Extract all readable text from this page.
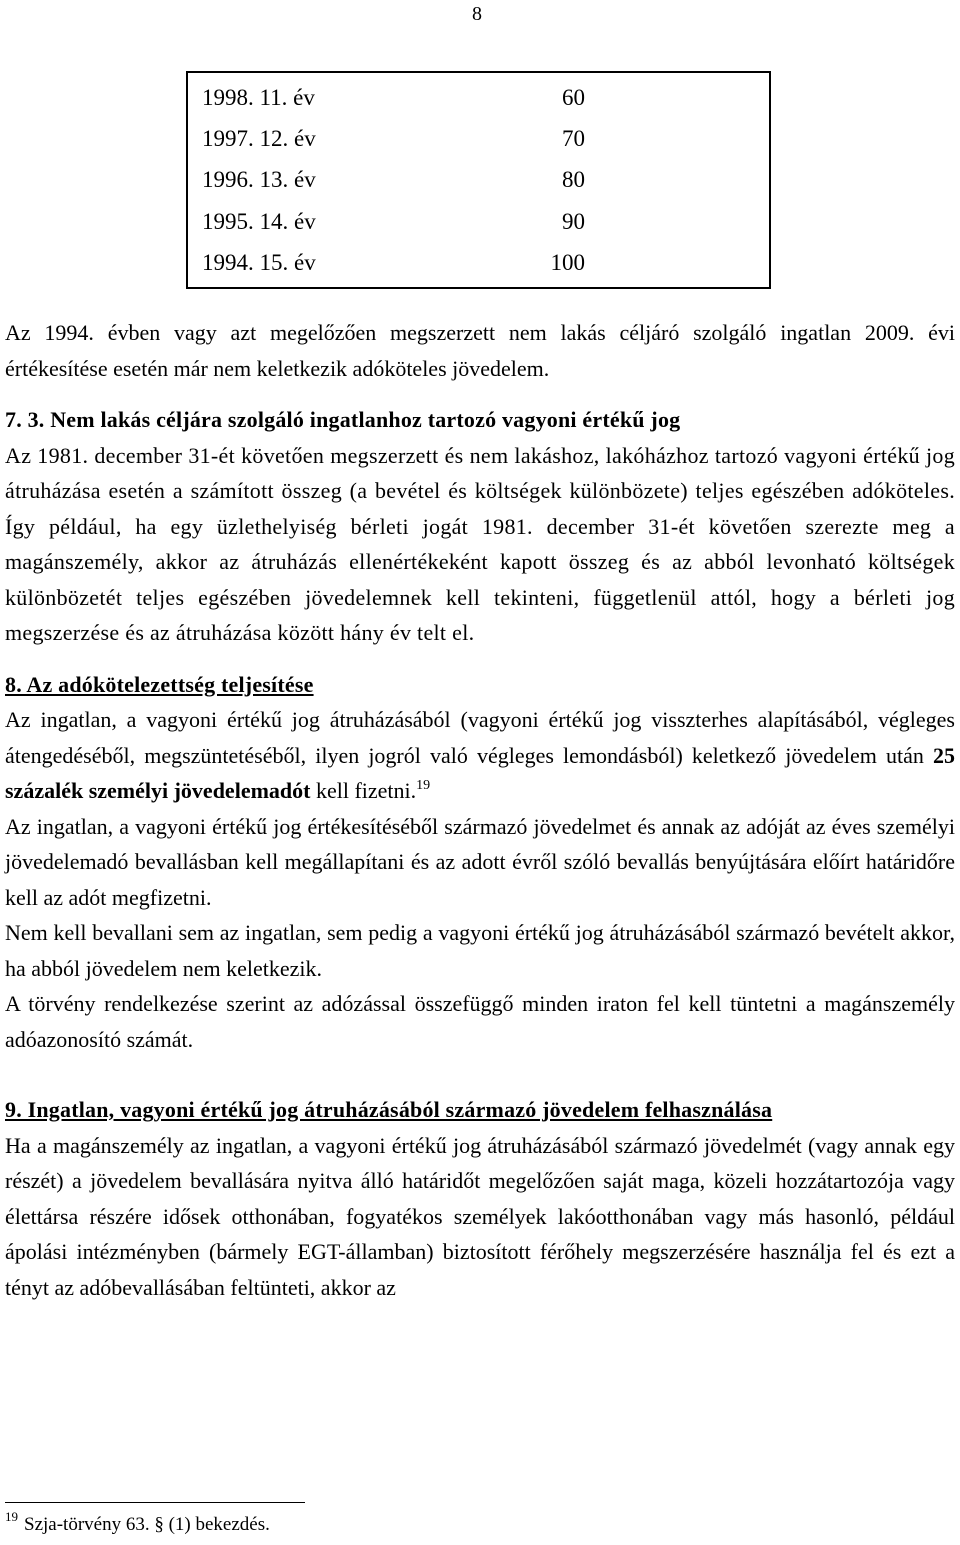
8
1998. 11. év	60
1997. 12. év	70
1996. 13. év	80
1995. 14. év	90
1994. 15. év	100

Az 1994. évben vagy azt megelőzően megszerzett nem lakás céljáró szolgáló ingatlan 2009. évi értékesítése esetén már nem keletkezik adóköteles jövedelem.

7. 3. Nem lakás céljára szolgáló ingatlanhoz tartozó vagyoni értékű jog

Az 1981. december 31-ét követően megszerzett és nem lakáshoz, lakóházhoz tartozó vagyoni értékű jog átruházása esetén a számított összeg (a bevétel és költségek különbözete) teljes egészében adóköteles. Így például, ha egy üzlethelyiség bérleti jogát 1981. december 31-ét követően szerezte meg a magánszemély, akkor az átruházás ellenértékeként kapott összeg és az abból levonható költségek különbözetét teljes egészében jövedelemnek kell tekinteni, függetlenül attól, hogy a bérleti jog megszerzése és az átruházása között hány év telt el.

8. Az adókötelezettség teljesítése

Az ingatlan, a vagyoni értékű jog átruházásából (vagyoni értékű jog visszterhes alapításából, végleges átengedéséből, megszüntetéséből, ilyen jogról való végleges lemondásból) keletkező jövedelem után 25 százalék személyi jövedelemadót kell fizetni.$^{19}$

Az ingatlan, a vagyoni értékű jog értékesítéséből származó jövedelmet és annak az adóját az éves személyi jövedelemadó bevallásban kell megállapítani és az adott évről szóló bevallás benyújtására előírt határidőre kell az adót megfizetni.

Nem kell bevallani sem az ingatlan, sem pedig a vagyoni értékű jog átruházásából származó bevételt akkor, ha abból jövedelem nem keletkezik.

A törvény rendelkezése szerint az adózással összefüggő minden iraton fel kell tüntetni a magánszemély adóazonosító számát.

9. Ingatlan, vagyoni értékű jog átruházásából származó jövedelem felhasználása

Ha a magánszemély az ingatlan, a vagyoni értékű jog átruházásából származó jövedelmét (vagy annak egy részét) a jövedelem bevallására nyitva álló határidőt megelőzően saját maga, közeli hozzátartozója vagy élettársa részére idősek otthonában, fogyatékos személyek lakóotthonában vagy más hasonló, például ápolási intézményben (bármely EGT-államban) biztosított férőhely megszerzésére használja fel és ezt a tényt az adóbevallásában feltünteti, akkor az

$^{19}$ Szja-törvény 63. § (1) bekezdés.
